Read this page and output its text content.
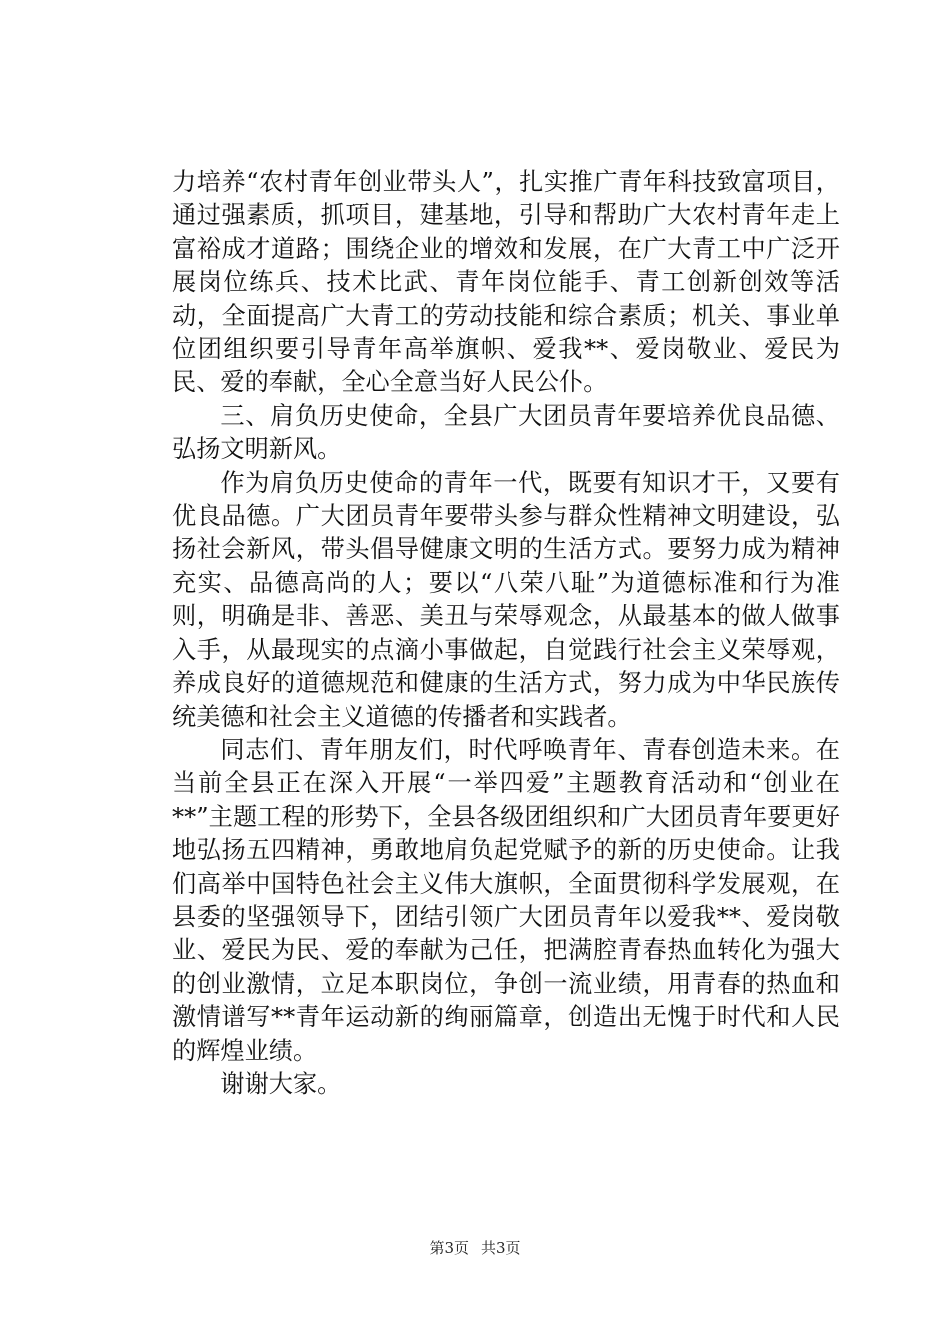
力培养“农村青年创业带头人”，扎实推广青年科技致富项目，通过强素质，抓项目，建基地，引导和帮助广大农村青年走上富裕成才道路；围绕企业的增效和发展，在广大青工中广泛开展岗位练兵、技术比武、青年岗位能手、青工创新创效等活动，全面提高广大青工的劳动技能和综合素质；机关、事业单位团组织要引导青年高举旗帜、爱我**、爱岗敬业、爱民为民、爱的奉献，全心全意当好人民公仆。

三、肩负历史使命，全县广大团员青年要培养优良品德、弘扬文明新风。

作为肩负历史使命的青年一代，既要有知识才干，又要有优良品德。广大团员青年要带头参与群众性精神文明建设，弘扬社会新风，带头倡导健康文明的生活方式。要努力成为精神充实、品德高尚的人；要以“八荣八耻”为道德标准和行为准则，明确是非、善恶、美丑与荣辱观念，从最基本的做人做事入手，从最现实的点滴小事做起，自觉践行社会主义荣辱观，养成良好的道德规范和健康的生活方式，努力成为中华民族传统美德和社会主义道德的传播者和实践者。

同志们、青年朋友们，时代呼唤青年、青春创造未来。在当前全县正在深入开展“一举四爱”主题教育活动和“创业在**”主题工程的形势下，全县各级团组织和广大团员青年要更好地弘扬五四精神，勇敢地肩负起党赋予的新的历史使命。让我们高举中国特色社会主义伟大旗帜，全面贯彻科学发展观，在县委的坚强领导下，团结引领广大团员青年以爱我**、爱岗敬业、爱民为民、爱的奉献为己任，把满腔青春热血转化为强大的创业激情，立足本职岗位，争创一流业绩，用青春的热血和激情谱写**青年运动新的绚丽篇章，创造出无愧于时代和人民的辉煌业绩。

谢谢大家。

第3页 共3页
